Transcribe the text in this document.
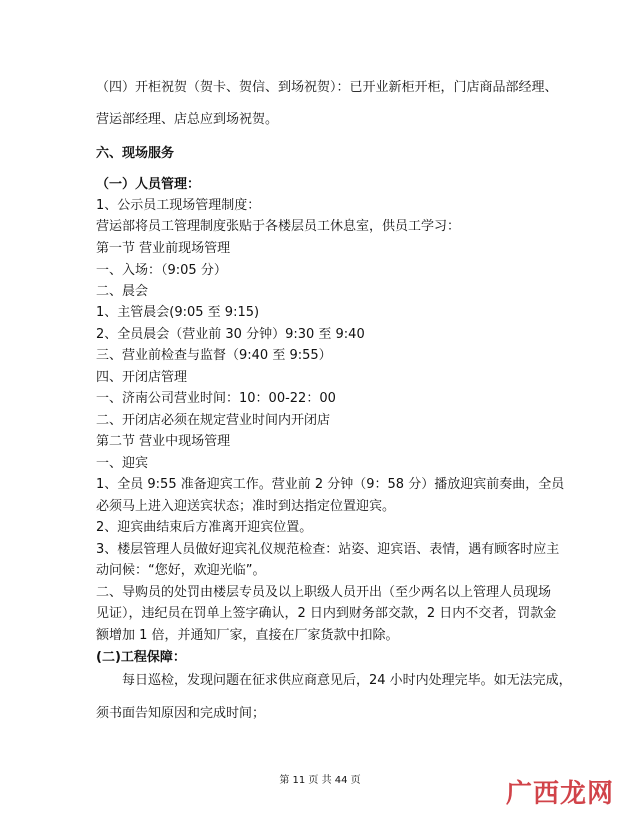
（四）开柜祝贺（贺卡、贺信、到场祝贺）：已开业新柜开柜，门店商品部经理、

营运部经理、店总应到场祝贺。

六、现场服务

（一）人员管理：

1、公示员工现场管理制度：

营运部将员工管理制度张贴于各楼层员工休息室，供员工学习：

第一节 营业前现场管理

一、入场：（9:05 分）

二、晨会

1、主管晨会(9:05 至 9:15)

2、全员晨会（营业前 30 分钟）9:30 至 9:40

三、营业前检查与监督（9:40 至 9:55）

四、开闭店管理

一、济南公司营业时间：10：00-22：00

二、开闭店必须在规定营业时间内开闭店

第二节 营业中现场管理

一、迎宾

1、全员 9:55 准备迎宾工作。营业前 2 分钟（9：58 分）播放迎宾前奏曲，全员

必须马上进入迎送宾状态；准时到达指定位置迎宾。

2、迎宾曲结束后方准离开迎宾位置。

3、楼层管理人员做好迎宾礼仪规范检查：站姿、迎宾语、表情，遇有顾客时应主

动问候：“您好，欢迎光临”。

二、导购员的处罚由楼层专员及以上职级人员开出（至少两名以上管理人员现场

见证），违纪员在罚单上签字确认，2 日内到财务部交款，2 日内不交者，罚款金

额增加 1 倍，并通知厂家，直接在厂家货款中扣除。

(二)工程保障：

每日巡检，发现问题在征求供应商意见后，24 小时内处理完毕。如无法完成，

须书面告知原因和完成时间；

第 11 页 共 44 页	广西龙网
